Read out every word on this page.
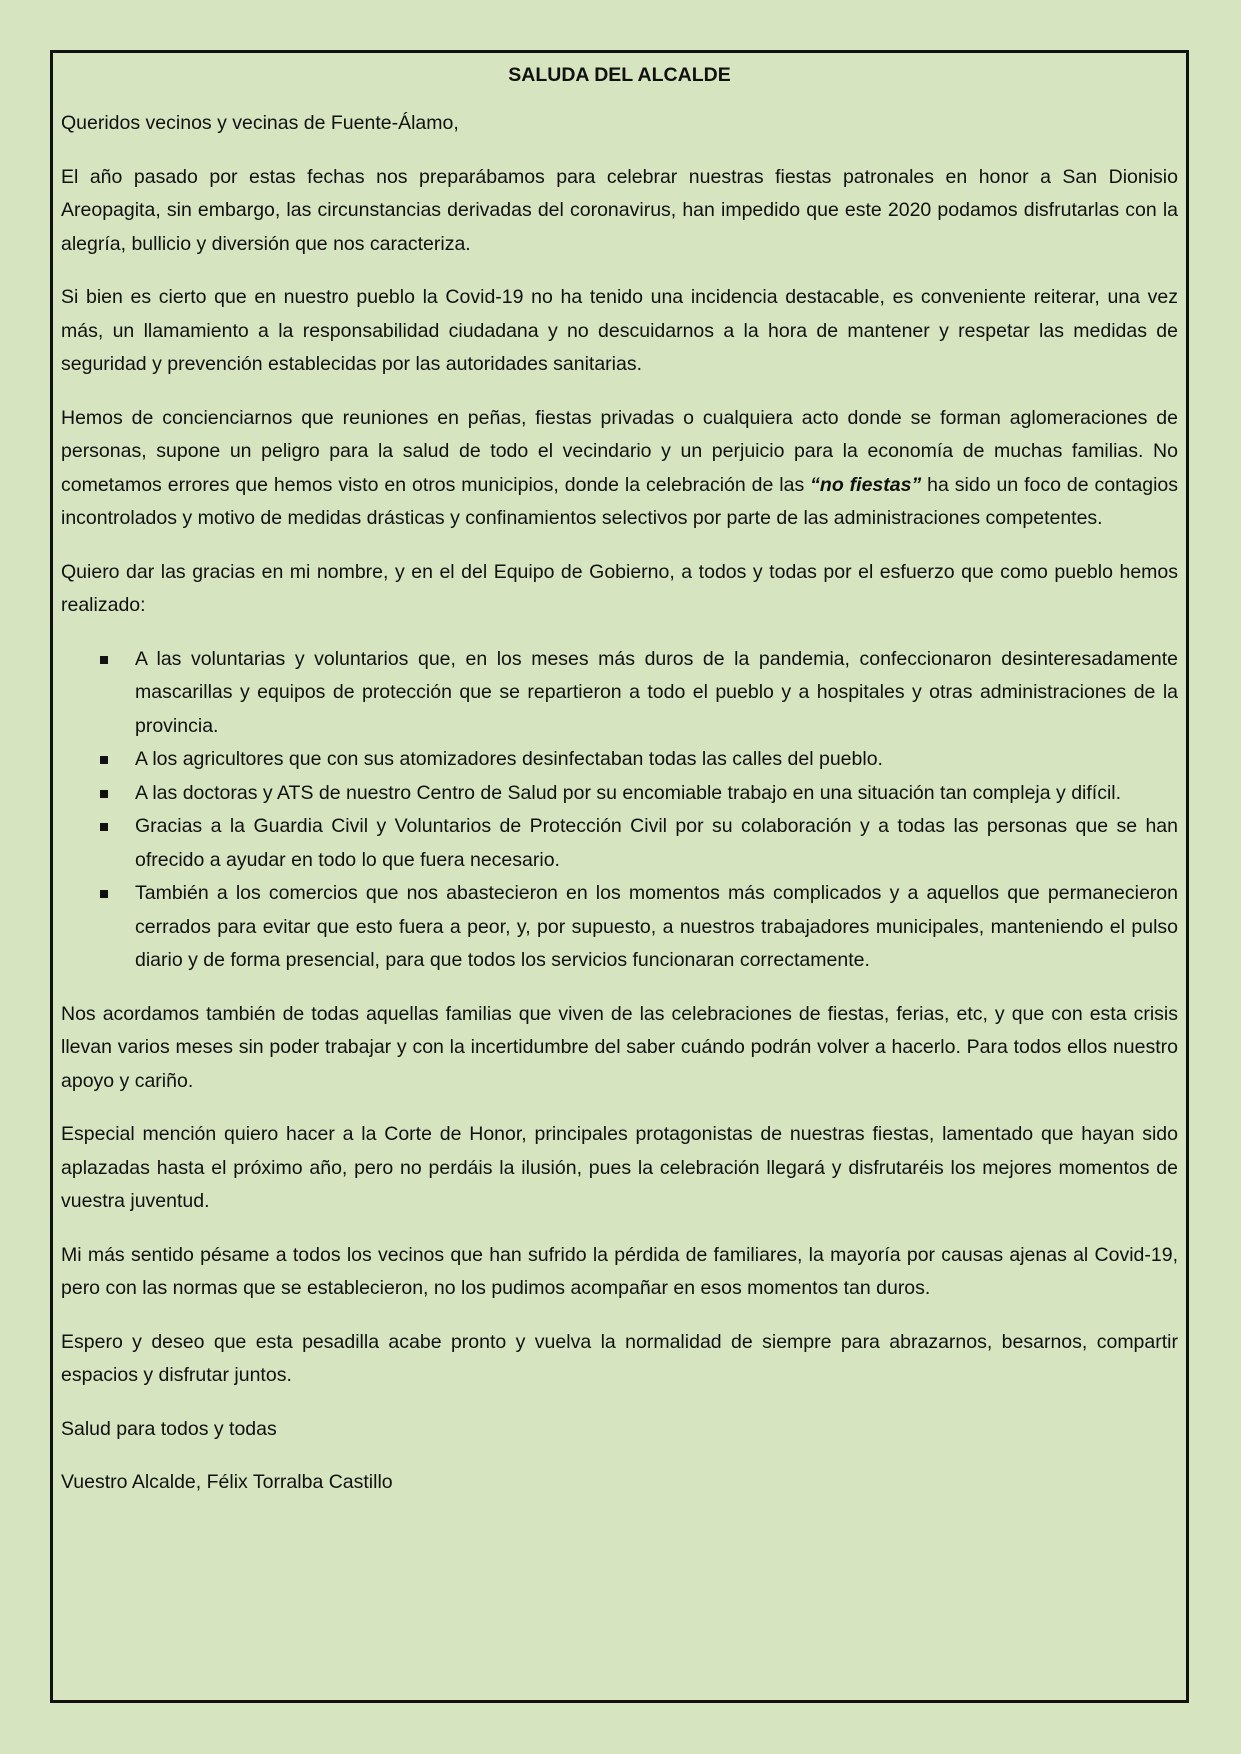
SALUDA DEL ALCALDE

Queridos vecinos y vecinas de Fuente-Álamo,

El año pasado por estas fechas nos preparábamos para celebrar nuestras fiestas patronales en honor a San Dionisio Areopagita, sin embargo, las circunstancias derivadas del coronavirus, han impedido que este 2020 podamos disfrutarlas con la alegría, bullicio y diversión que nos caracteriza.

Si bien es cierto que en nuestro pueblo la Covid-19 no ha tenido una incidencia destacable, es conveniente reiterar, una vez más, un llamamiento a la responsabilidad ciudadana y no descuidarnos a la hora de mantener y respetar las medidas de seguridad y prevención establecidas por las autoridades sanitarias.

Hemos de concienciarnos que reuniones en peñas, fiestas privadas o cualquiera acto donde se forman aglomeraciones de personas, supone un peligro para la salud de todo el vecindario y un perjuicio para la economía de muchas familias. No cometamos errores que hemos visto en otros municipios, donde la celebración de las “no fiestas” ha sido un foco de contagios incontrolados y motivo de medidas drásticas y confinamientos selectivos por parte de las administraciones competentes.

Quiero dar las gracias en mi nombre, y en el del Equipo de Gobierno, a todos y todas por el esfuerzo que como pueblo hemos realizado:

A las voluntarias y voluntarios que, en los meses más duros de la pandemia, confeccionaron desinteresadamente mascarillas y equipos de protección que se repartieron a todo el pueblo y a hospitales y otras administraciones de la provincia.
A los agricultores que con sus atomizadores desinfectaban todas las calles del pueblo.
A las doctoras y ATS de nuestro Centro de Salud por su encomiable trabajo en una situación tan compleja y difícil.
Gracias a la Guardia Civil y Voluntarios de Protección Civil por su colaboración y a todas las personas que se han ofrecido a ayudar en todo lo que fuera necesario.
También a los comercios que nos abastecieron en los momentos más complicados y a aquellos que permanecieron cerrados para evitar que esto fuera a peor, y, por supuesto, a nuestros trabajadores municipales, manteniendo el pulso diario y de forma presencial, para que todos los servicios funcionaran correctamente.

Nos acordamos también de todas aquellas familias que viven de las celebraciones de fiestas, ferias, etc, y que con esta crisis llevan varios meses sin poder trabajar y con la incertidumbre del saber cuándo podrán volver a hacerlo. Para todos ellos nuestro apoyo y cariño.

Especial mención quiero hacer a la Corte de Honor, principales protagonistas de nuestras fiestas, lamentado que hayan sido aplazadas hasta el próximo año, pero no perdáis la ilusión, pues la celebración llegará y disfrutaréis los mejores momentos de vuestra juventud.

Mi más sentido pésame a todos los vecinos que han sufrido la pérdida de familiares, la mayoría por causas ajenas al Covid-19, pero con las normas que se establecieron, no los pudimos acompañar en esos momentos tan duros.

Espero y deseo que esta pesadilla acabe pronto y vuelva la normalidad de siempre para abrazarnos, besarnos, compartir espacios y disfrutar juntos.

Salud para todos y todas

Vuestro Alcalde, Félix Torralba Castillo
